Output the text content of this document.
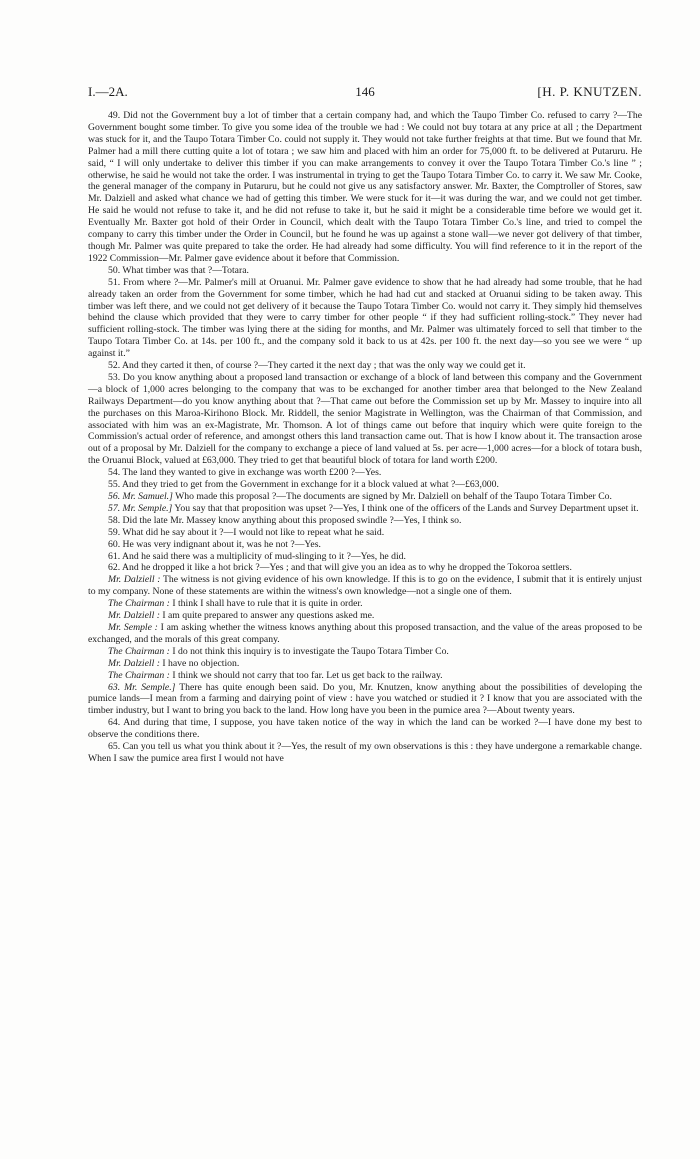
I.—2A.	146	[H. P. KNUTZEN.

49. Did not the Government buy a lot of timber that a certain company had, and which the Taupo Timber Co. refused to carry ?—The Government bought some timber. To give you some idea of the trouble we had : We could not buy totara at any price at all ; the Department was stuck for it, and the Taupo Totara Timber Co. could not supply it. They would not take further freights at that time. But we found that Mr. Palmer had a mill there cutting quite a lot of totara ; we saw him and placed with him an order for 75,000 ft. to be delivered at Putaruru. He said, “ I will only undertake to deliver this timber if you can make arrangements to convey it over the Taupo Totara Timber Co.'s line ” ; otherwise, he said he would not take the order. I was instrumental in trying to get the Taupo Totara Timber Co. to carry it. We saw Mr. Cooke, the general manager of the company in Putaruru, but he could not give us any satisfactory answer. Mr. Baxter, the Comptroller of Stores, saw Mr. Dalziell and asked what chance we had of getting this timber. We were stuck for it—it was during the war, and we could not get timber. He said he would not refuse to take it, and he did not refuse to take it, but he said it might be a considerable time before we would get it. Eventually Mr. Baxter got hold of their Order in Council, which dealt with the Taupo Totara Timber Co.'s line, and tried to compel the company to carry this timber under the Order in Council, but he found he was up against a stone wall—we never got delivery of that timber, though Mr. Palmer was quite prepared to take the order. He had already had some difficulty. You will find reference to it in the report of the 1922 Commission—Mr. Palmer gave evidence about it before that Commission.

50. What timber was that ?—Totara.

51. From where ?—Mr. Palmer's mill at Oruanui. Mr. Palmer gave evidence to show that he had already had some trouble, that he had already taken an order from the Government for some timber, which he had had cut and stacked at Oruanui siding to be taken away. This timber was left there, and we could not get delivery of it because the Taupo Totara Timber Co. would not carry it. They simply hid themselves behind the clause which provided that they were to carry timber for other people “ if they had sufficient rolling-stock.” They never had sufficient rolling-stock. The timber was lying there at the siding for months, and Mr. Palmer was ultimately forced to sell that timber to the Taupo Totara Timber Co. at 14s. per 100 ft., and the company sold it back to us at 42s. per 100 ft. the next day—so you see we were “ up against it.”

52. And they carted it then, of course ?—They carted it the next day ; that was the only way we could get it.

53. Do you know anything about a proposed land transaction or exchange of a block of land between this company and the Government—a block of 1,000 acres belonging to the company that was to be exchanged for another timber area that belonged to the New Zealand Railways Department—do you know anything about that ?—That came out before the Commission set up by Mr. Massey to inquire into all the purchases on this Maroa-Kirihono Block. Mr. Riddell, the senior Magistrate in Wellington, was the Chairman of that Commission, and associated with him was an ex-Magistrate, Mr. Thomson. A lot of things came out before that inquiry which were quite foreign to the Commission's actual order of reference, and amongst others this land transaction came out. That is how I know about it. The transaction arose out of a proposal by Mr. Dalziell for the company to exchange a piece of land valued at 5s. per acre—1,000 acres—for a block of totara bush, the Oruanui Block, valued at £63,000. They tried to get that beautiful block of totara for land worth £200.

54. The land they wanted to give in exchange was worth £200 ?—Yes.

55. And they tried to get from the Government in exchange for it a block valued at what ?—£63,000.

56. Mr. Samuel.] Who made this proposal ?—The documents are signed by Mr. Dalziell on behalf of the Taupo Totara Timber Co.

57. Mr. Semple.] You say that that proposition was upset ?—Yes, I think one of the officers of the Lands and Survey Department upset it.

58. Did the late Mr. Massey know anything about this proposed swindle ?—Yes, I think so.

59. What did he say about it ?—I would not like to repeat what he said.

60. He was very indignant about it, was he not ?—Yes.

61. And he said there was a multiplicity of mud-slinging to it ?—Yes, he did.

62. And he dropped it like a hot brick ?—Yes ; and that will give you an idea as to why he dropped the Tokoroa settlers.

Mr. Dalziell : The witness is not giving evidence of his own knowledge. If this is to go on the evidence, I submit that it is entirely unjust to my company. None of these statements are within the witness's own knowledge—not a single one of them.

The Chairman : I think I shall have to rule that it is quite in order.

Mr. Dalziell : I am quite prepared to answer any questions asked me.

Mr. Semple : I am asking whether the witness knows anything about this proposed transaction, and the value of the areas proposed to be exchanged, and the morals of this great company.

The Chairman : I do not think this inquiry is to investigate the Taupo Totara Timber Co.

Mr. Dalziell : I have no objection.

The Chairman : I think we should not carry that too far. Let us get back to the railway.

63. Mr. Semple.] There has quite enough been said. Do you, Mr. Knutzen, know anything about the possibilities of developing the pumice lands—I mean from a farming and dairying point of view : have you watched or studied it ? I know that you are associated with the timber industry, but I want to bring you back to the land. How long have you been in the pumice area ?—About twenty years.

64. And during that time, I suppose, you have taken notice of the way in which the land can be worked ?—I have done my best to observe the conditions there.

65. Can you tell us what you think about it ?—Yes, the result of my own observations is this : they have undergone a remarkable change. When I saw the pumice area first I would not have
